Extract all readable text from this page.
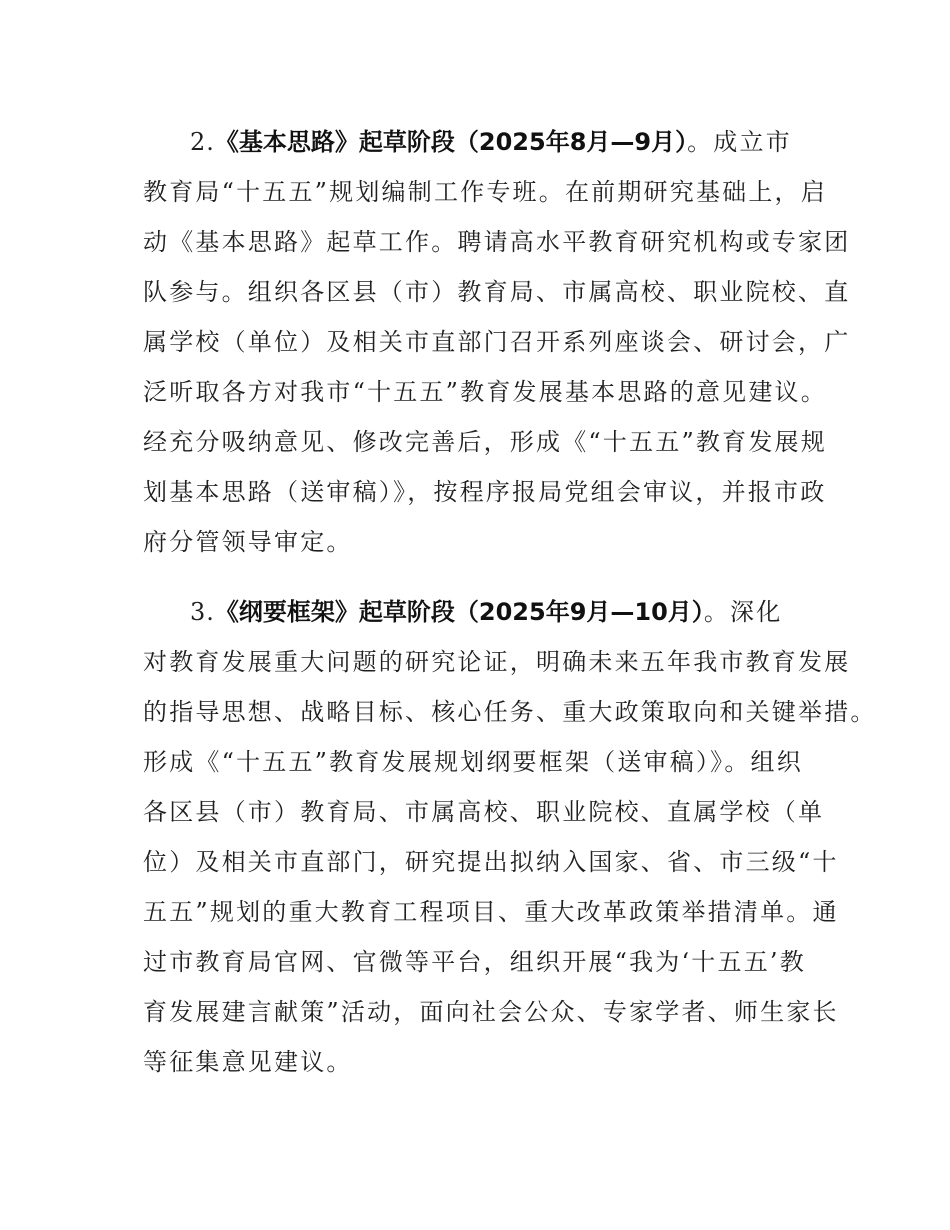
2.《基本思路》起草阶段（2025年8月—9月）。成立市
教育局“十五五”规划编制工作专班。在前期研究基础上，启
动《基本思路》起草工作。聘请高水平教育研究机构或专家团
队参与。组织各区县（市）教育局、市属高校、职业院校、直
属学校（单位）及相关市直部门召开系列座谈会、研讨会，广
泛听取各方对我市“十五五”教育发展基本思路的意见建议。
经充分吸纳意见、修改完善后，形成《“十五五”教育发展规
划基本思路（送审稿）》，按程序报局党组会审议，并报市政
府分管领导审定。
3.《纲要框架》起草阶段（2025年9月—10月）。深化
对教育发展重大问题的研究论证，明确未来五年我市教育发展
的指导思想、战略目标、核心任务、重大政策取向和关键举措。
形成《“十五五”教育发展规划纲要框架（送审稿）》。组织
各区县（市）教育局、市属高校、职业院校、直属学校（单
位）及相关市直部门，研究提出拟纳入国家、省、市三级“十
五五”规划的重大教育工程项目、重大改革政策举措清单。通
过市教育局官网、官微等平台，组织开展“我为‘十五五’教
育发展建言献策”活动，面向社会公众、专家学者、师生家长
等征集意见建议。
